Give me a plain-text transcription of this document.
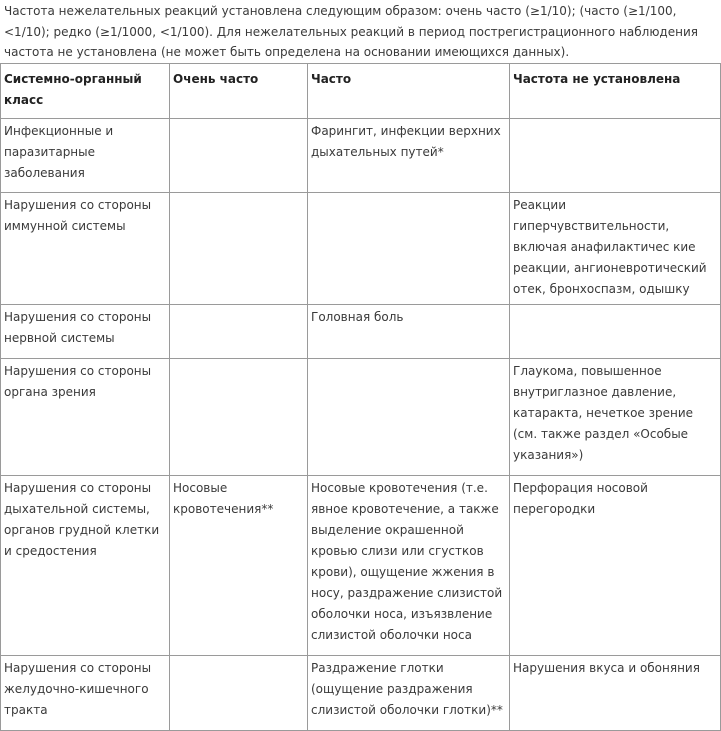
Частота нежелательных реакций установлена следующим образом: очень часто (≥1/10); (часто (≥1/100, <1/10); редко (≥1/1000, <1/100). Для нежелательных реакций в период пострегистрационного наблюдения частота не установлена (не может быть определена на основании имеющихся данных).
Системно-органный класс	Очень часто	Часто	Частота не установлена
Инфекционные и паразитарные заболевания		Фарингит, инфекции верхних дыхательных путей*	
Нарушения со стороны иммунной системы			Реакции гиперчувствительности, включая анафилактичес кие реакции, ангионевротический отек, бронхоспазм, одышку
Нарушения со стороны нервной системы		Головная боль	
Нарушения со стороны органа зрения			Глаукома, повышенное внутриглазное давление, катаракта, нечеткое зрение (см. также раздел «Особые указания»)
Нарушения со стороны дыхательной системы, органов грудной клетки и средостения	Носовые кровотечения**	Носовые кровотечения (т.е. явное кровотечение, а также выделение окрашенной кровью слизи или сгустков крови), ощущение жжения в носу, раздражение слизистой оболочки носа, изъязвление слизистой оболочки носа	Перфорация носовой перегородки
Нарушения со стороны желудочно-кишечного тракта		Раздражение глотки (ощущение раздражения слизистой оболочки глотки)**	Нарушения вкуса и обоняния
